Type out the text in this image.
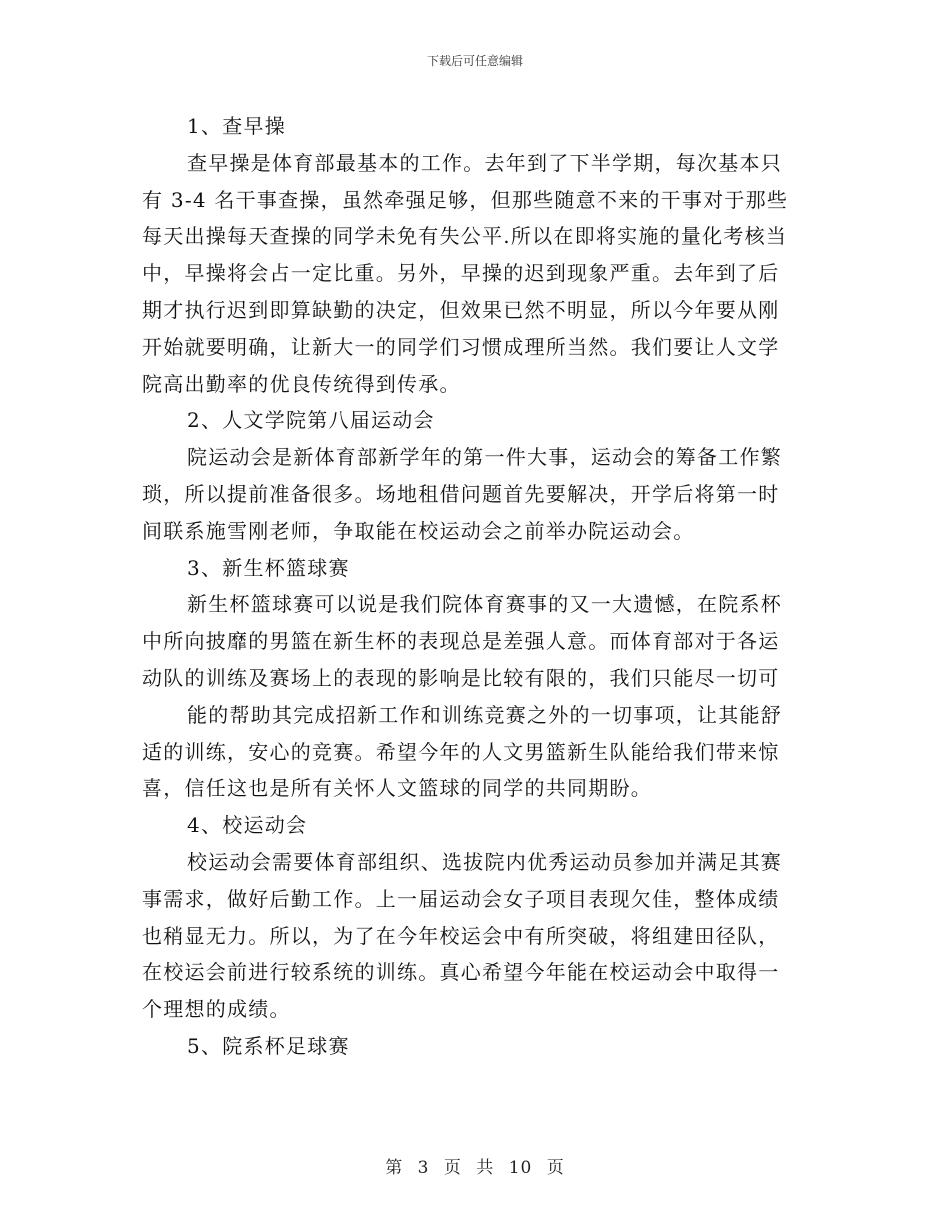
下载后可任意编辑
1、查早操
查早操是体育部最基本的工作。去年到了下半学期，每次基本只
有 3-4 名干事查操，虽然牵强足够，但那些随意不来的干事对于那些
每天出操每天查操的同学未免有失公平.所以在即将实施的量化考核当
中，早操将会占一定比重。另外，早操的迟到现象严重。去年到了后
期才执行迟到即算缺勤的决定，但效果已然不明显，所以今年要从刚
开始就要明确，让新大一的同学们习惯成理所当然。我们要让人文学
院高出勤率的优良传统得到传承。
2、人文学院第八届运动会
院运动会是新体育部新学年的第一件大事，运动会的筹备工作繁
琐，所以提前准备很多。场地租借问题首先要解决，开学后将第一时
间联系施雪刚老师，争取能在校运动会之前举办院运动会。
3、新生杯篮球赛
新生杯篮球赛可以说是我们院体育赛事的又一大遗憾，在院系杯
中所向披靡的男篮在新生杯的表现总是差强人意。而体育部对于各运
动队的训练及赛场上的表现的影响是比较有限的，我们只能尽一切可
能的帮助其完成招新工作和训练竞赛之外的一切事项，让其能舒
适的训练，安心的竞赛。希望今年的人文男篮新生队能给我们带来惊
喜，信任这也是所有关怀人文篮球的同学的共同期盼。
4、校运动会
校运动会需要体育部组织、选拔院内优秀运动员参加并满足其赛
事需求，做好后勤工作。上一届运动会女子项目表现欠佳，整体成绩
也稍显无力。所以，为了在今年校运会中有所突破，将组建田径队，
在校运会前进行较系统的训练。真心希望今年能在校运动会中取得一
个理想的成绩。
5、院系杯足球赛
第 3 页 共 10 页
